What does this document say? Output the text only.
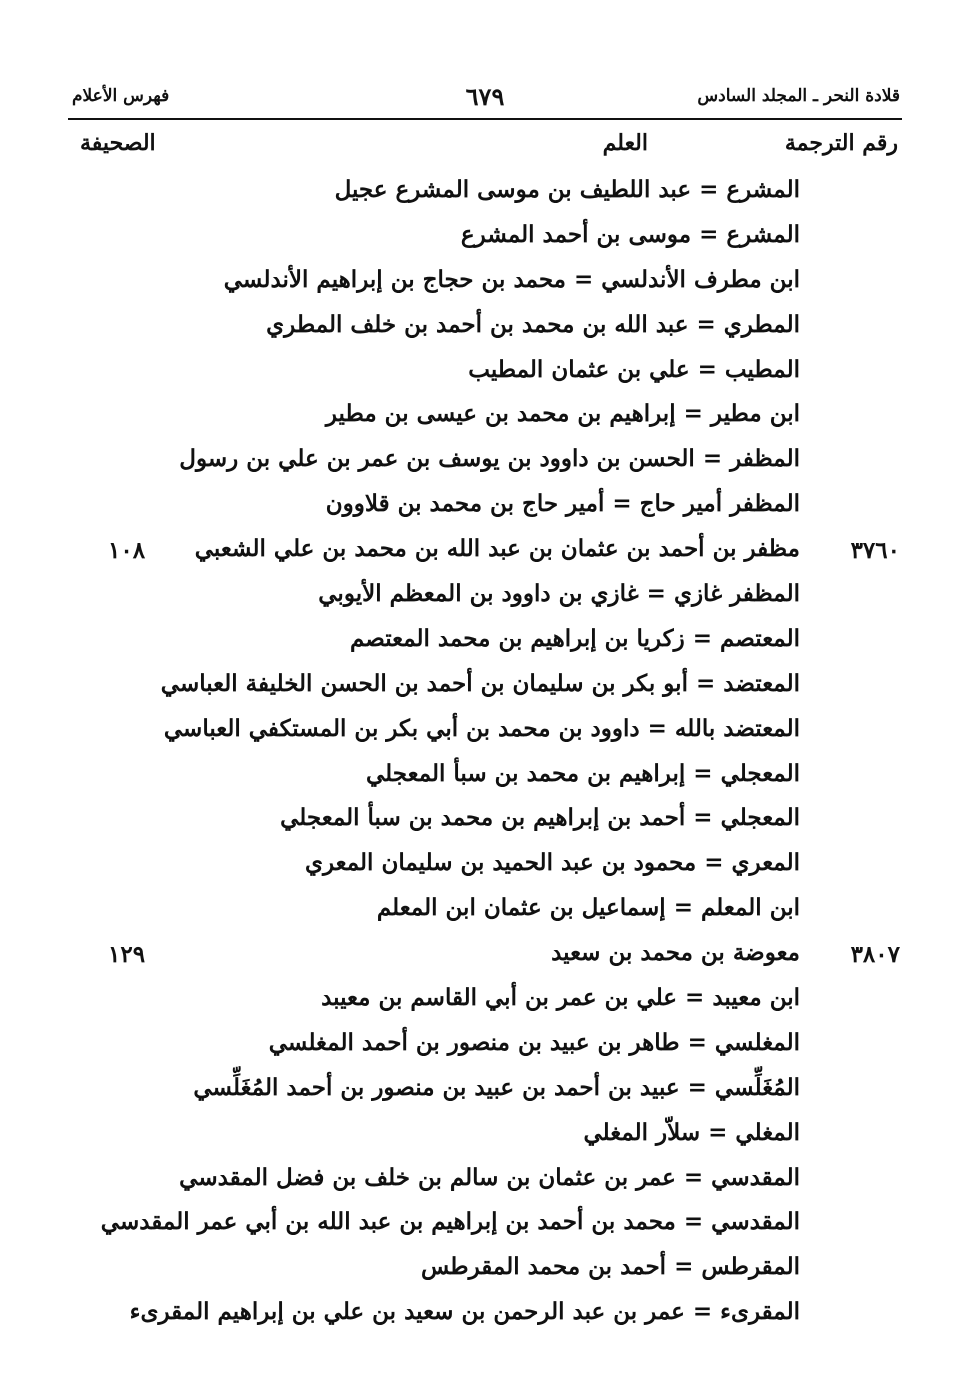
قلادة النحر ـ المجلد السادس
٦٧٩
فهرس الأعلام
رقم الترجمة
العلم
الصحيفة
المشرع = عبد اللطيف بن موسى المشرع عجيل
المشرع = موسى بن أحمد المشرع
ابن مطرف الأندلسي = محمد بن حجاج بن إبراهيم الأندلسي
المطري = عبد الله بن محمد بن أحمد بن خلف المطري
المطيب = علي بن عثمان المطيب
ابن مطير = إبراهيم بن محمد بن عيسى بن مطير
المظفر = الحسن بن داوود بن يوسف بن عمر بن علي بن رسول
المظفر أمير حاج = أمير حاج بن محمد بن قلاوون
٣٧٦٠
مظفر بن أحمد بن عثمان بن عبد الله بن محمد بن علي الشعبي
١٠٨
المظفر غازي = غازي بن داوود بن المعظم الأيوبي
المعتصم = زكريا بن إبراهيم بن محمد المعتصم
المعتضد = أبو بكر بن سليمان بن أحمد بن الحسن الخليفة العباسي
المعتضد بالله = داوود بن محمد بن أبي بكر بن المستكفي العباسي
المعجلي = إبراهيم بن محمد بن سبأ المعجلي
المعجلي = أحمد بن إبراهيم بن محمد بن سبأ المعجلي
المعري = محمود بن عبد الحميد بن سليمان المعري
ابن المعلم = إسماعيل بن عثمان ابن المعلم
٣٨٠٧
معوضة بن محمد بن سعيد
١٢٩
ابن معيبد = علي بن عمر بن أبي القاسم بن معيبد
المغلسي = طاهر بن عبيد بن منصور بن أحمد المغلسي
المُغَلِّسي = عبيد بن أحمد بن عبيد بن منصور بن أحمد المُغَلِّسي
المغلي = سلاّر المغلي
المقدسي = عمر بن عثمان بن سالم بن خلف بن فضل المقدسي
المقدسي = محمد بن أحمد بن إبراهيم بن عبد الله بن أبي عمر المقدسي
المقرطس = أحمد بن محمد المقرطس
المقرىء = عمر بن عبد الرحمن بن سعيد بن علي بن إبراهيم المقرىء
